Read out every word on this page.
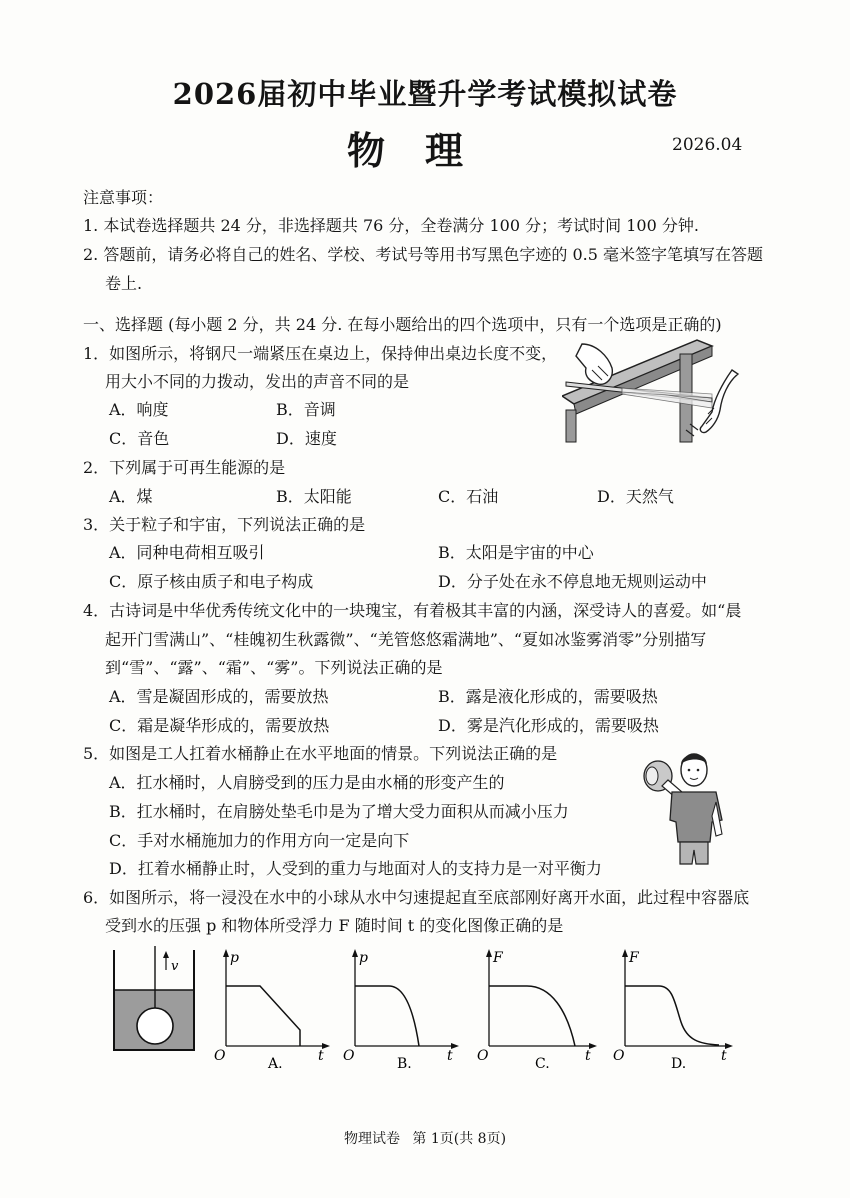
2026届初中毕业暨升学考试模拟试卷
物理	2026.04
注意事项：
1. 本试卷选择题共 24 分，非选择题共 76 分，全卷满分 100 分；考试时间 100 分钟.
2. 答题前，请务必将自己的姓名、学校、考试号等用书写黑色字迹的 0.5 毫米签字笔填写在答题
卷上.
一、选择题 (每小题 2 分，共 24 分. 在每小题给出的四个选项中，只有一个选项是正确的)
1．如图所示，将钢尺一端紧压在桌边上，保持伸出桌边长度不变，
用大小不同的力拨动，发出的声音不同的是
A．响度	B．音调
C．音色	D．速度
2．下列属于可再生能源的是
A．煤	B．太阳能	C．石油	D．天然气
3．关于粒子和宇宙，下列说法正确的是
A．同种电荷相互吸引	B．太阳是宇宙的中心
C．原子核由质子和电子构成	D．分子处在永不停息地无规则运动中
4．古诗词是中华优秀传统文化中的一块瑰宝，有着极其丰富的内涵，深受诗人的喜爱。如“晨
起开门雪满山”、“桂魄初生秋露微”、“羌管悠悠霜满地”、“夏如冰鉴雾消零”分别描写
到“雪”、“露”、“霜”、“雾”。下列说法正确的是
A．雪是凝固形成的，需要放热	B．露是液化形成的，需要吸热
C．霜是凝华形成的，需要放热	D．雾是汽化形成的，需要吸热
5．如图是工人扛着水桶静止在水平地面的情景。下列说法正确的是
A．扛水桶时，人肩膀受到的压力是由水桶的形变产生的
B．扛水桶时，在肩膀处垫毛巾是为了增大受力面积从而减小压力
C．手对水桶施加力的作用方向一定是向下
D．扛着水桶静止时，人受到的重力与地面对人的支持力是一对平衡力
6．如图所示，将一浸没在水中的小球从水中匀速提起直至底部刚好离开水面，此过程中容器底
受到水的压强 p 和物体所受浮力 F 随时间 t 的变化图像正确的是
v
p
O	t
A.
p
O	t
B.
F
O	t
C.
F
O	t
D.
物理试卷 第 1页(共 8页)
